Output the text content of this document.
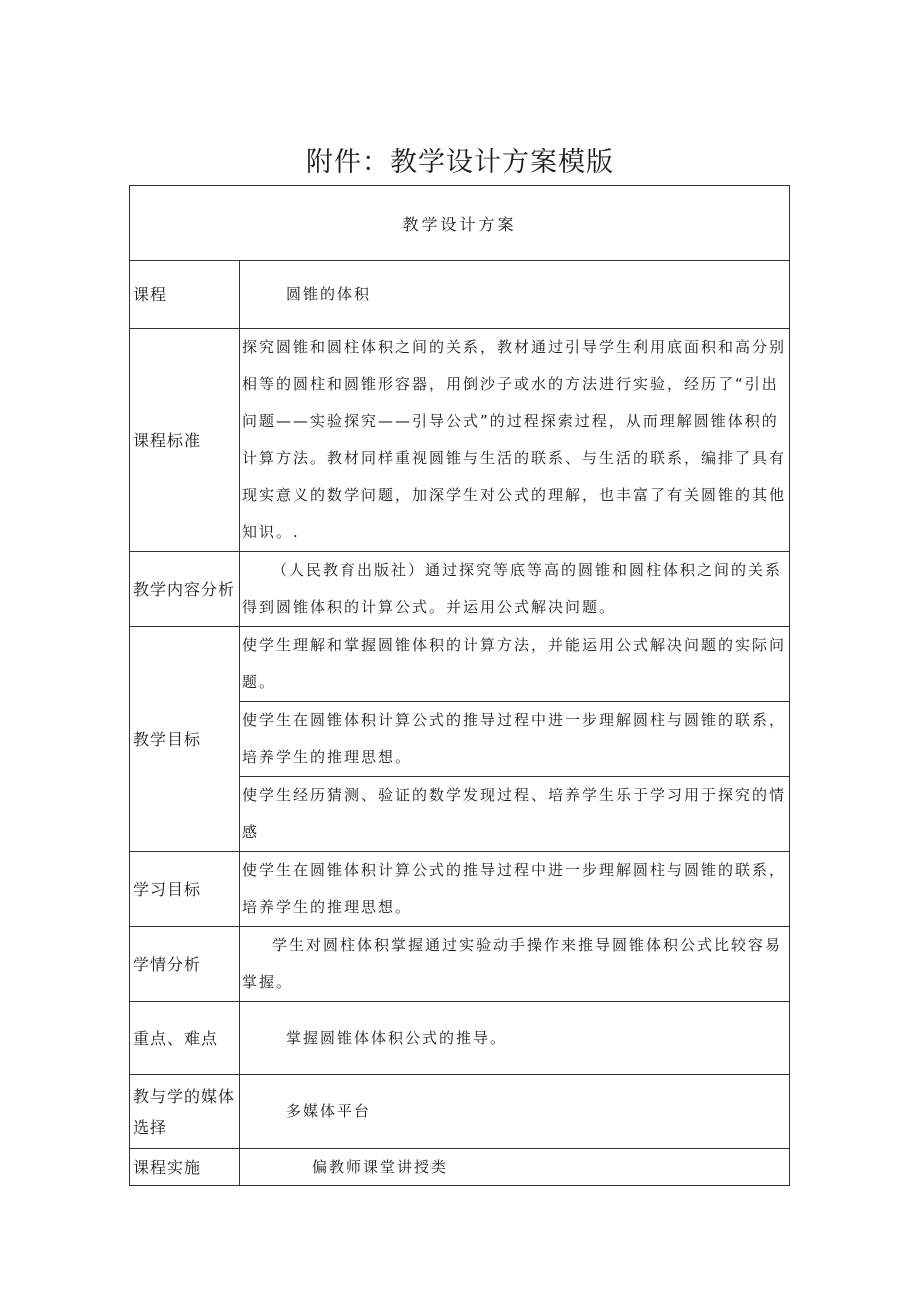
附件：教学设计方案模版
教学设计方案	
课程	圆锥的体积
课程标准	探究圆锥和圆柱体积之间的关系，教材通过引导学生利用底面积和高分别相等的圆柱和圆锥形容器，用倒沙子或水的方法进行实验，经历了“引出问题——实验探究——引导公式”的过程探索过程，从而理解圆锥体积的计算方法。教材同样重视圆锥与生活的联系、与生活的联系，编排了具有现实意义的数学问题，加深学生对公式的理解，也丰富了有关圆锥的其他知识。.
教学内容分析	（人民教育出版社）通过探究等底等高的圆锥和圆柱体积之间的关系得到圆锥体积的计算公式。并运用公式解决问题。
教学目标	使学生理解和掌握圆锥体积的计算方法，并能运用公式解决问题的实际问题。
	使学生在圆锥体积计算公式的推导过程中进一步理解圆柱与圆锥的联系，培养学生的推理思想。
	使学生经历猜测、验证的数学发现过程、培养学生乐于学习用于探究的情感
学习目标	使学生在圆锥体积计算公式的推导过程中进一步理解圆柱与圆锥的联系，培养学生的推理思想。
学情分析	学生对圆柱体积掌握通过实验动手操作来推导圆锥体积公式比较容易掌握。
重点、难点	掌握圆锥体体积公式的推导。
教与学的媒体选择	多媒体平台
课程实施	偏教师课堂讲授类
